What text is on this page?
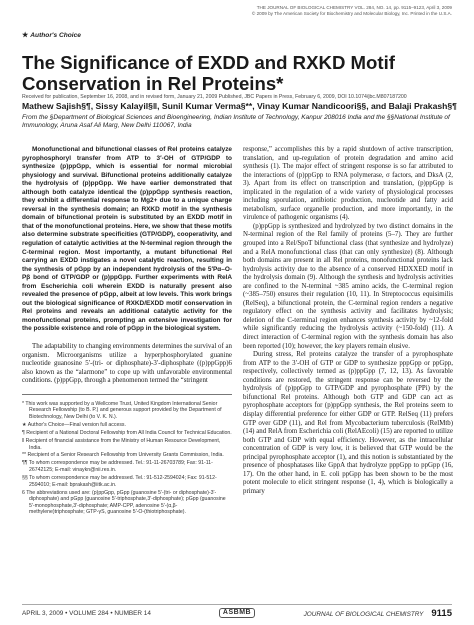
THE JOURNAL OF BIOLOGICAL CHEMISTRY VOL. 284, NO. 14, pp. 9115–9123, April 3, 2009
© 2009 by The American Society for Biochemistry and Molecular Biology, Inc. Printed in the U.S.A.
★ Author's Choice
The Significance of EXDD and RXKD Motif Conservation in Rel Proteins*
Received for publication, September 16, 2008, and in revised form, January 21, 2009 Published, JBC Papers in Press, February 6, 2009, DOI 10.1074/jbc.M807187200
Mathew Sajish§¶, Sissy Kalayil§‖, Sunil Kumar Verma§**, Vinay Kumar Nandicoori§§, and Balaji Prakash§¶
From the §Department of Biological Sciences and Bioengineering, Indian Institute of Technology, Kanpur 208016 India and the §§National Institute of Immunology, Aruna Asaf Ali Marg, New Delhi 110067, India

Monofunctional and bifunctional classes of Rel proteins catalyze pyrophosphoryl transfer from ATP to 3′-OH of GTP/GDP to synthesize (p)ppGpp, which is essential for normal microbial physiology and survival. Bifunctional proteins additionally catalyze the hydrolysis of (p)ppGpp. We have earlier demonstrated that although both catalyze identical the (p)ppGpp synthesis reaction, they exhibit a differential response to Mg2+ due to a unique charge reversal in the synthesis domain; an RXKD motif in the synthesis domain of bifunctional protein is substituted by an EXDD motif in that of the monofunctional proteins. Here, we show that these motifs also determine substrate specificities (GTP/GDP), cooperativity, and regulation of catalytic activities at the N-terminal region through the C-terminal region. Most importantly, a mutant bifunctional Rel carrying an EXDD instigates a novel catalytic reaction, resulting in the synthesis of pGpp by an independent hydrolysis of the 5′Pα–O-Pβ bond of GTP/GDP or (p)ppGpp. Further experiments with RelA from Escherichia coli wherein EXDD is naturally present also revealed the presence of pGpp, albeit at low levels. This work brings out the biological significance of RXKD/EXDD motif conservation in Rel proteins and reveals an additional catalytic activity for the monofunctional proteins, prompting an extensive investigation for the possible existence and role of pGpp in the biological system.

The adaptability to changing environments determines the survival of an organism. Microorganisms utilize a hyperphosphorylated guanine nucleotide guanosine 5′-(tri- or diphosphate)-3′-diphosphate ((p)ppGpp)6 also known as the “alarmone” to cope up with unfavorable environmental conditions. (p)ppGpp, through a phenomenon termed the “stringent

* This work was supported by a Wellcome Trust, United Kingdom International Senior Research Fellowship (to B. P.) and generous support provided by the Department of Biotechnology, New Delhi (to V. K. N.).
★ Author's Choice—Final version full access.
¶ Recipient of a National Doctoral Fellowship from All India Council for Technical Education.
‖ Recipient of financial assistance from the Ministry of Human Resource Development, India.
** Recipient of a Senior Research Fellowship from University Grants Commission, India.
¶¶ To whom correspondence may be addressed. Tel.: 91-11-26703789; Fax: 91-11-26742125; E-mail: vinaykn@nii.res.in.
§§ To whom correspondence may be addressed. Tel.: 91-512-2594024; Fax: 91-512-2594010; E-mail: bprakash@iitk.ac.in.
6 The abbreviations used are: (p)ppGpp, pGpp (guanosine 5′-(tri- or diphosphate)-3′-diphosphate) and pGpp (guanosine 5′-triphosphate,3′-diphosphate); pGpp (guanosine 5′-monophosphate,3′-diphosphate; AMP-CPP, adenosine 5′-(α,β-methylene)triphosphate; GTP-γS, guanosine 5′-O-(thiotriphosphate).

response,” accomplishes this by a rapid shutdown of active transcription, translation, and up-regulation of protein degradation and amino acid synthesis (1). The major effect of stringent response is so far attributed to the interactions of (p)ppGpp to RNA polymerase, σ factors, and DksA (2, 3). Apart from its effect on transcription and translation, (p)ppGpp is implicated in the regulation of a wide variety of physiological processes including sporulation, antibiotic production, nucleotide and fatty acid metabolism, surface organelle production, and more importantly, in the virulence of pathogenic organisms (4).

(p)ppGpp is synthesized and hydrolyzed by two distinct domains in the N-terminal region of the Rel family of proteins (5–7). They are further grouped into a Rel/SpoT bifunctional class (that synthesize and hydrolyze) and a RelA monofunctional class (that can only synthesize) (8). Although both domains are present in all Rel proteins, monofunctional proteins lack hydrolysis activity due to the absence of a conserved HDXXED motif in the hydrolysis domain (9). Although the synthesis and hydrolysis activities are confined to the N-terminal ~385 amino acids, the C-terminal region (~385–750) ensures their regulation (10, 11). In Streptococcus equisimilis (RelSeq), a bifunctional protein, the C-terminal region renders a negative regulatory effect on the synthesis activity and facilitates hydrolysis; deletion of the C-terminal region enhances synthesis activity by ~12-fold while significantly reducing the hydrolysis activity (~150-fold) (11). A direct interaction of C-terminal region with the synthesis domain has also been reported (10); however, the key players remain elusive.

During stress, Rel proteins catalyze the transfer of a pyrophosphate from ATP to the 3′-OH of GTP or GDP to synthesize pppGpp or ppGpp, respectively, collectively termed as (p)ppGpp (7, 12, 13). As favorable conditions are restored, the stringent response can be reversed by the hydrolysis of (p)ppGpp to GTP/GDP and pyrophosphate (PPi) by the bifunctional Rel proteins. Although both GTP and GDP can act as pyrophosphate acceptors for (p)ppGpp synthesis, the Rel proteins seem to display differential preference for either GDP or GTP. RelSeq (11) prefers GTP over GDP (11), and Rel from Mycobacterium tuberculosis (RelMtb) (14) and RelA from Escherichia coli (RelAEcoli) (15) are reported to utilize both GTP and GDP with equal efficiency. However, as the intracellular concentration of GDP is very low, it is believed that GTP would be the principal pyrophosphate acceptor (1), and this notion is substantiated by the presence of phosphatases like GppA that hydrolyze pppGpp to ppGpp (16, 17). On the other hand, in E. coli ppGpp has been shown to be the most potent molecule to elicit stringent response (1, 4), which is biologically a primary

APRIL 3, 2009 • VOLUME 284 • NUMBER 14	ASBMB	JOURNAL OF BIOLOGICAL CHEMISTRY 9115
